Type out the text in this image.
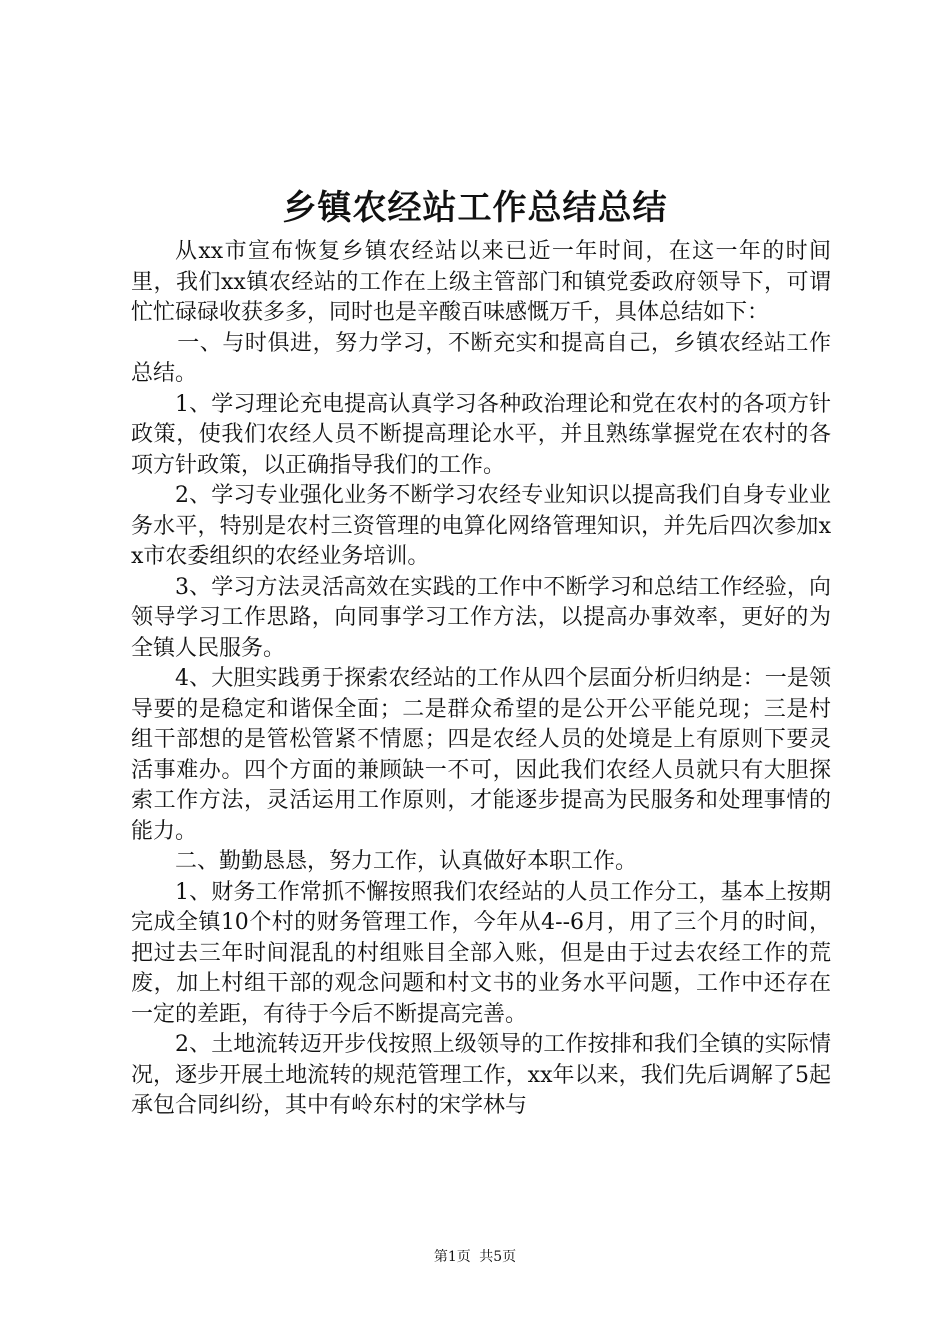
乡镇农经站工作总结总结

从xx市宣布恢复乡镇农经站以来已近一年时间，在这一年的时间里，我们xx镇农经站的工作在上级主管部门和镇党委政府领导下，可谓忙忙碌碌收获多多，同时也是辛酸百味感慨万千，具体总结如下：

一、与时俱进，努力学习，不断充实和提高自己，乡镇农经站工作总结。

1、学习理论充电提高认真学习各种政治理论和党在农村的各项方针政策，使我们农经人员不断提高理论水平，并且熟练掌握党在农村的各项方针政策，以正确指导我们的工作。

2、学习专业强化业务不断学习农经专业知识以提高我们自身专业业务水平，特别是农村三资管理的电算化网络管理知识，并先后四次参加xx市农委组织的农经业务培训。

3、学习方法灵活高效在实践的工作中不断学习和总结工作经验，向领导学习工作思路，向同事学习工作方法，以提高办事效率，更好的为全镇人民服务。

4、大胆实践勇于探索农经站的工作从四个层面分析归纳是：一是领导要的是稳定和谐保全面；二是群众希望的是公开公平能兑现；三是村组干部想的是管松管紧不情愿；四是农经人员的处境是上有原则下要灵活事难办。四个方面的兼顾缺一不可，因此我们农经人员就只有大胆探索工作方法，灵活运用工作原则，才能逐步提高为民服务和处理事情的能力。

二、勤勤恳恳，努力工作，认真做好本职工作。

1、财务工作常抓不懈按照我们农经站的人员工作分工，基本上按期完成全镇10个村的财务管理工作，今年从4--6月，用了三个月的时间，把过去三年时间混乱的村组账目全部入账，但是由于过去农经工作的荒废，加上村组干部的观念问题和村文书的业务水平问题，工作中还存在一定的差距，有待于今后不断提高完善。

2、土地流转迈开步伐按照上级领导的工作按排和我们全镇的实际情况，逐步开展土地流转的规范管理工作，xx年以来，我们先后调解了5起承包合同纠纷，其中有岭东村的宋学林与

第1页 共5页
